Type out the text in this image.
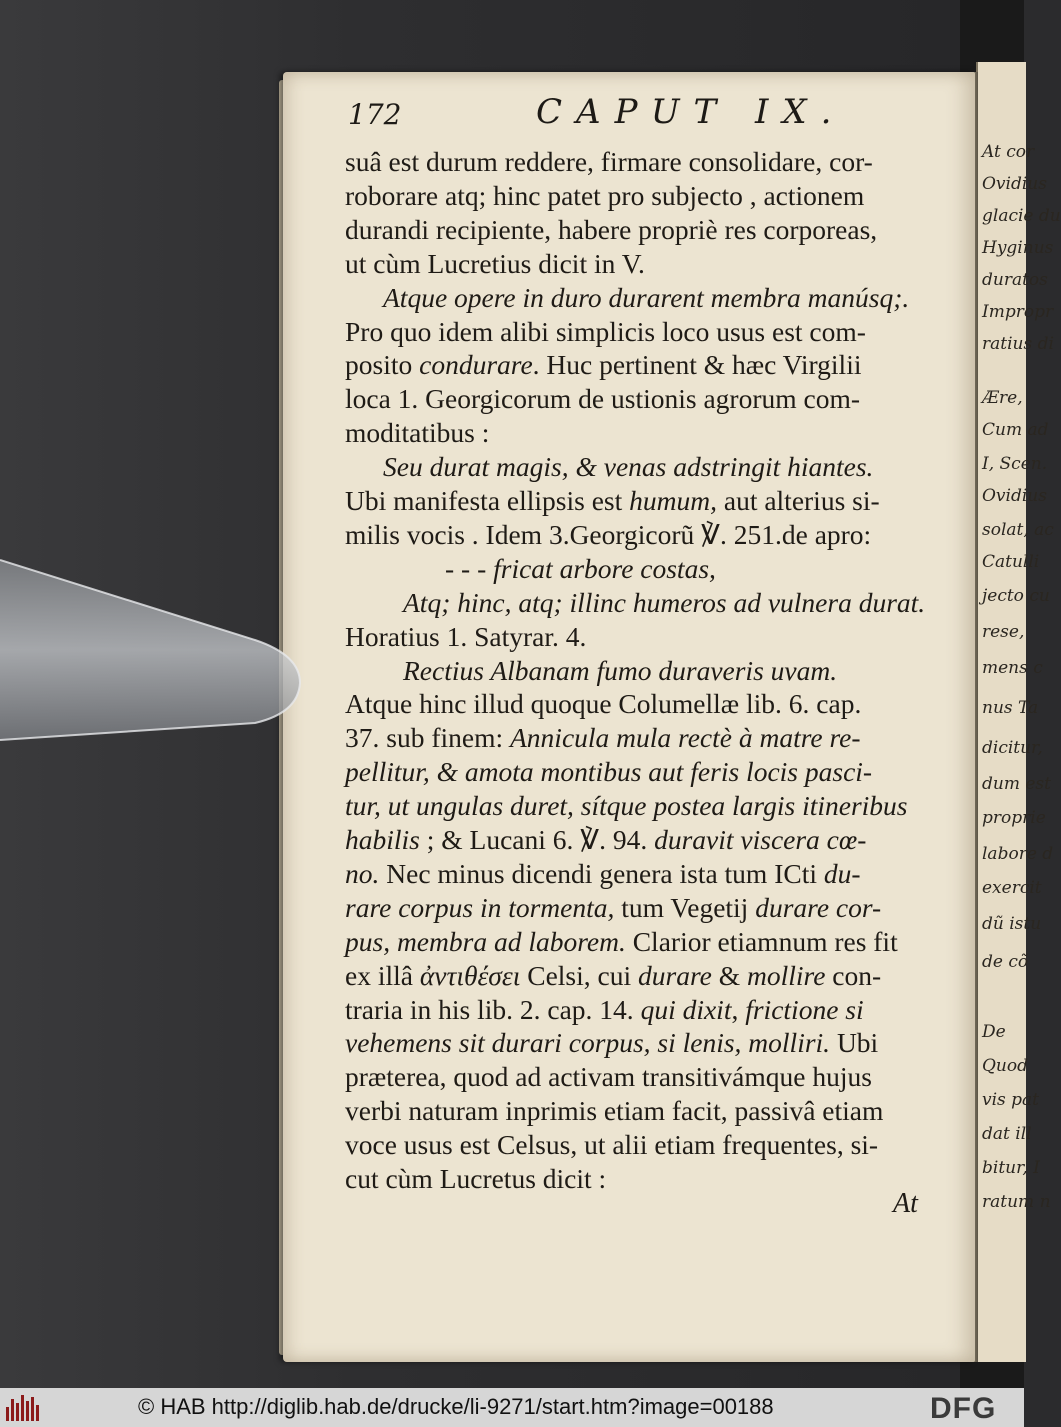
At cor
Ovidius
glacie du
Hyginus
duratos
Impropr
ratius di
Ære,
Cum ad
I, Scen.
Ovidius
solat, ac
Catulli
jecto cu
rese,
mens c
nus Ta
dicitur,
dum est
proprie
labore d
exercit
dũ istu
de cõ
De
Quod
vis pat
dat ill
bitur, I
ratum n
172	CAPUT IX.
suâ est durum reddere, firmare consolidare, cor-
roborare atq; hinc patet pro subjecto , actionem
durandi recipiente, habere propriè res corporeas,
ut cùm Lucretius dicit in V.
Atque opere in duro durarent membra manúsq;.
Pro quo idem alibi simplicis loco usus est com-
posito condurare. Huc pertinent & hæc Virgilii
loca 1. Georgicorum de ustionis agrorum com-
moditatibus :
Seu durat magis, & venas adstringit hiantes.
Ubi manifesta ellipsis est humum, aut alterius si-
milis vocis . Idem 3.Georgicorũ ℣. 251.de apro:
- - - fricat arbore costas,
Atq; hinc, atq; illinc humeros ad vulnera durat.
Horatius 1. Satyrar. 4.
Rectius Albanam fumo duraveris uvam.
Atque hinc illud quoque Columellæ lib. 6. cap.
37. sub finem: Annicula mula rectè à matre re-
pellitur, & amota montibus aut feris locis pasci-
tur, ut ungulas duret, sítque postea largis itineribus
habilis ; & Lucani 6. ℣. 94. duravit viscera cœ-
no. Nec minus dicendi genera ista tum ICti du-
rare corpus in tormenta, tum Vegetij durare cor-
pus, membra ad laborem. Clarior etiamnum res fit
ex illâ ἀντιθέσει Celsi, cui durare & mollire con-
traria in his lib. 2. cap. 14. qui dixit, frictione si
vehemens sit durari corpus, si lenis, molliri. Ubi
præterea, quod ad activam transitivámque hujus
verbi naturam inprimis etiam facit, passivâ etiam
voce usus est Celsus, ut alii etiam frequentes, si-
cut cùm Lucretus dicit :
At
© HAB http://diglib.hab.de/drucke/li-9271/start.htm?image=00188	DFG
